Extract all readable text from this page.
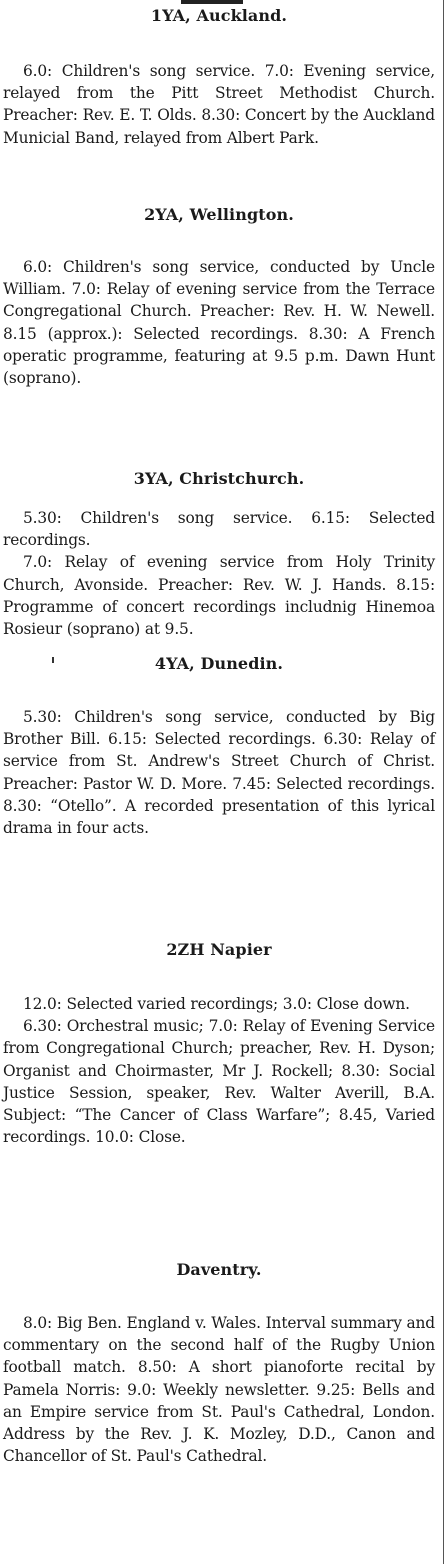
1YA, Auckland.

6.0: Children's song service. 7.0: Evening service, relayed from the Pitt Street Methodist Church. Preacher: Rev. E. T. Olds. 8.30: Concert by the Auckland Municial Band, relayed from Albert Park.

2YA, Wellington.

6.0: Children's song service, conducted by Uncle William. 7.0: Relay of evening service from the Terrace Congregational Church. Preacher: Rev. H. W. Newell. 8.15 (approx.): Selected recordings. 8.30: A French operatic programme, featuring at 9.5 p.m. Dawn Hunt (soprano).

3YA, Christchurch.

5.30: Children's song service. 6.15: Selected recordings.

7.0: Relay of evening service from Holy Trinity Church, Avonside. Preacher: Rev. W. J. Hands. 8.15: Programme of concert recordings includnig Hinemoa Rosieur (soprano) at 9.5.

4YA, Dunedin.

5.30: Children's song service, conducted by Big Brother Bill. 6.15: Selected recordings. 6.30: Relay of service from St. Andrew's Street Church of Christ. Preacher: Pastor W. D. More. 7.45: Selected recordings. 8.30: “Otello”. A recorded presentation of this lyrical drama in four acts.

2ZH Napier

12.0: Selected varied recordings; 3.0: Close down.

6.30: Orchestral music; 7.0: Relay of Evening Service from Congregational Church; preacher, Rev. H. Dyson; Organist and Choirmaster, Mr J. Rockell; 8.30: Social Justice Session, speaker, Rev. Walter Averill, B.A. Subject: “The Cancer of Class Warfare”; 8.45, Varied recordings. 10.0: Close.

Daventry.

8.0: Big Ben. England v. Wales. Interval summary and commentary on the second half of the Rugby Union football match. 8.50: A short pianoforte recital by Pamela Norris: 9.0: Weekly newsletter. 9.25: Bells and an Empire service from St. Paul's Cathedral, London. Address by the Rev. J. K. Mozley, D.D., Canon and Chancellor of St. Paul's Cathedral.
